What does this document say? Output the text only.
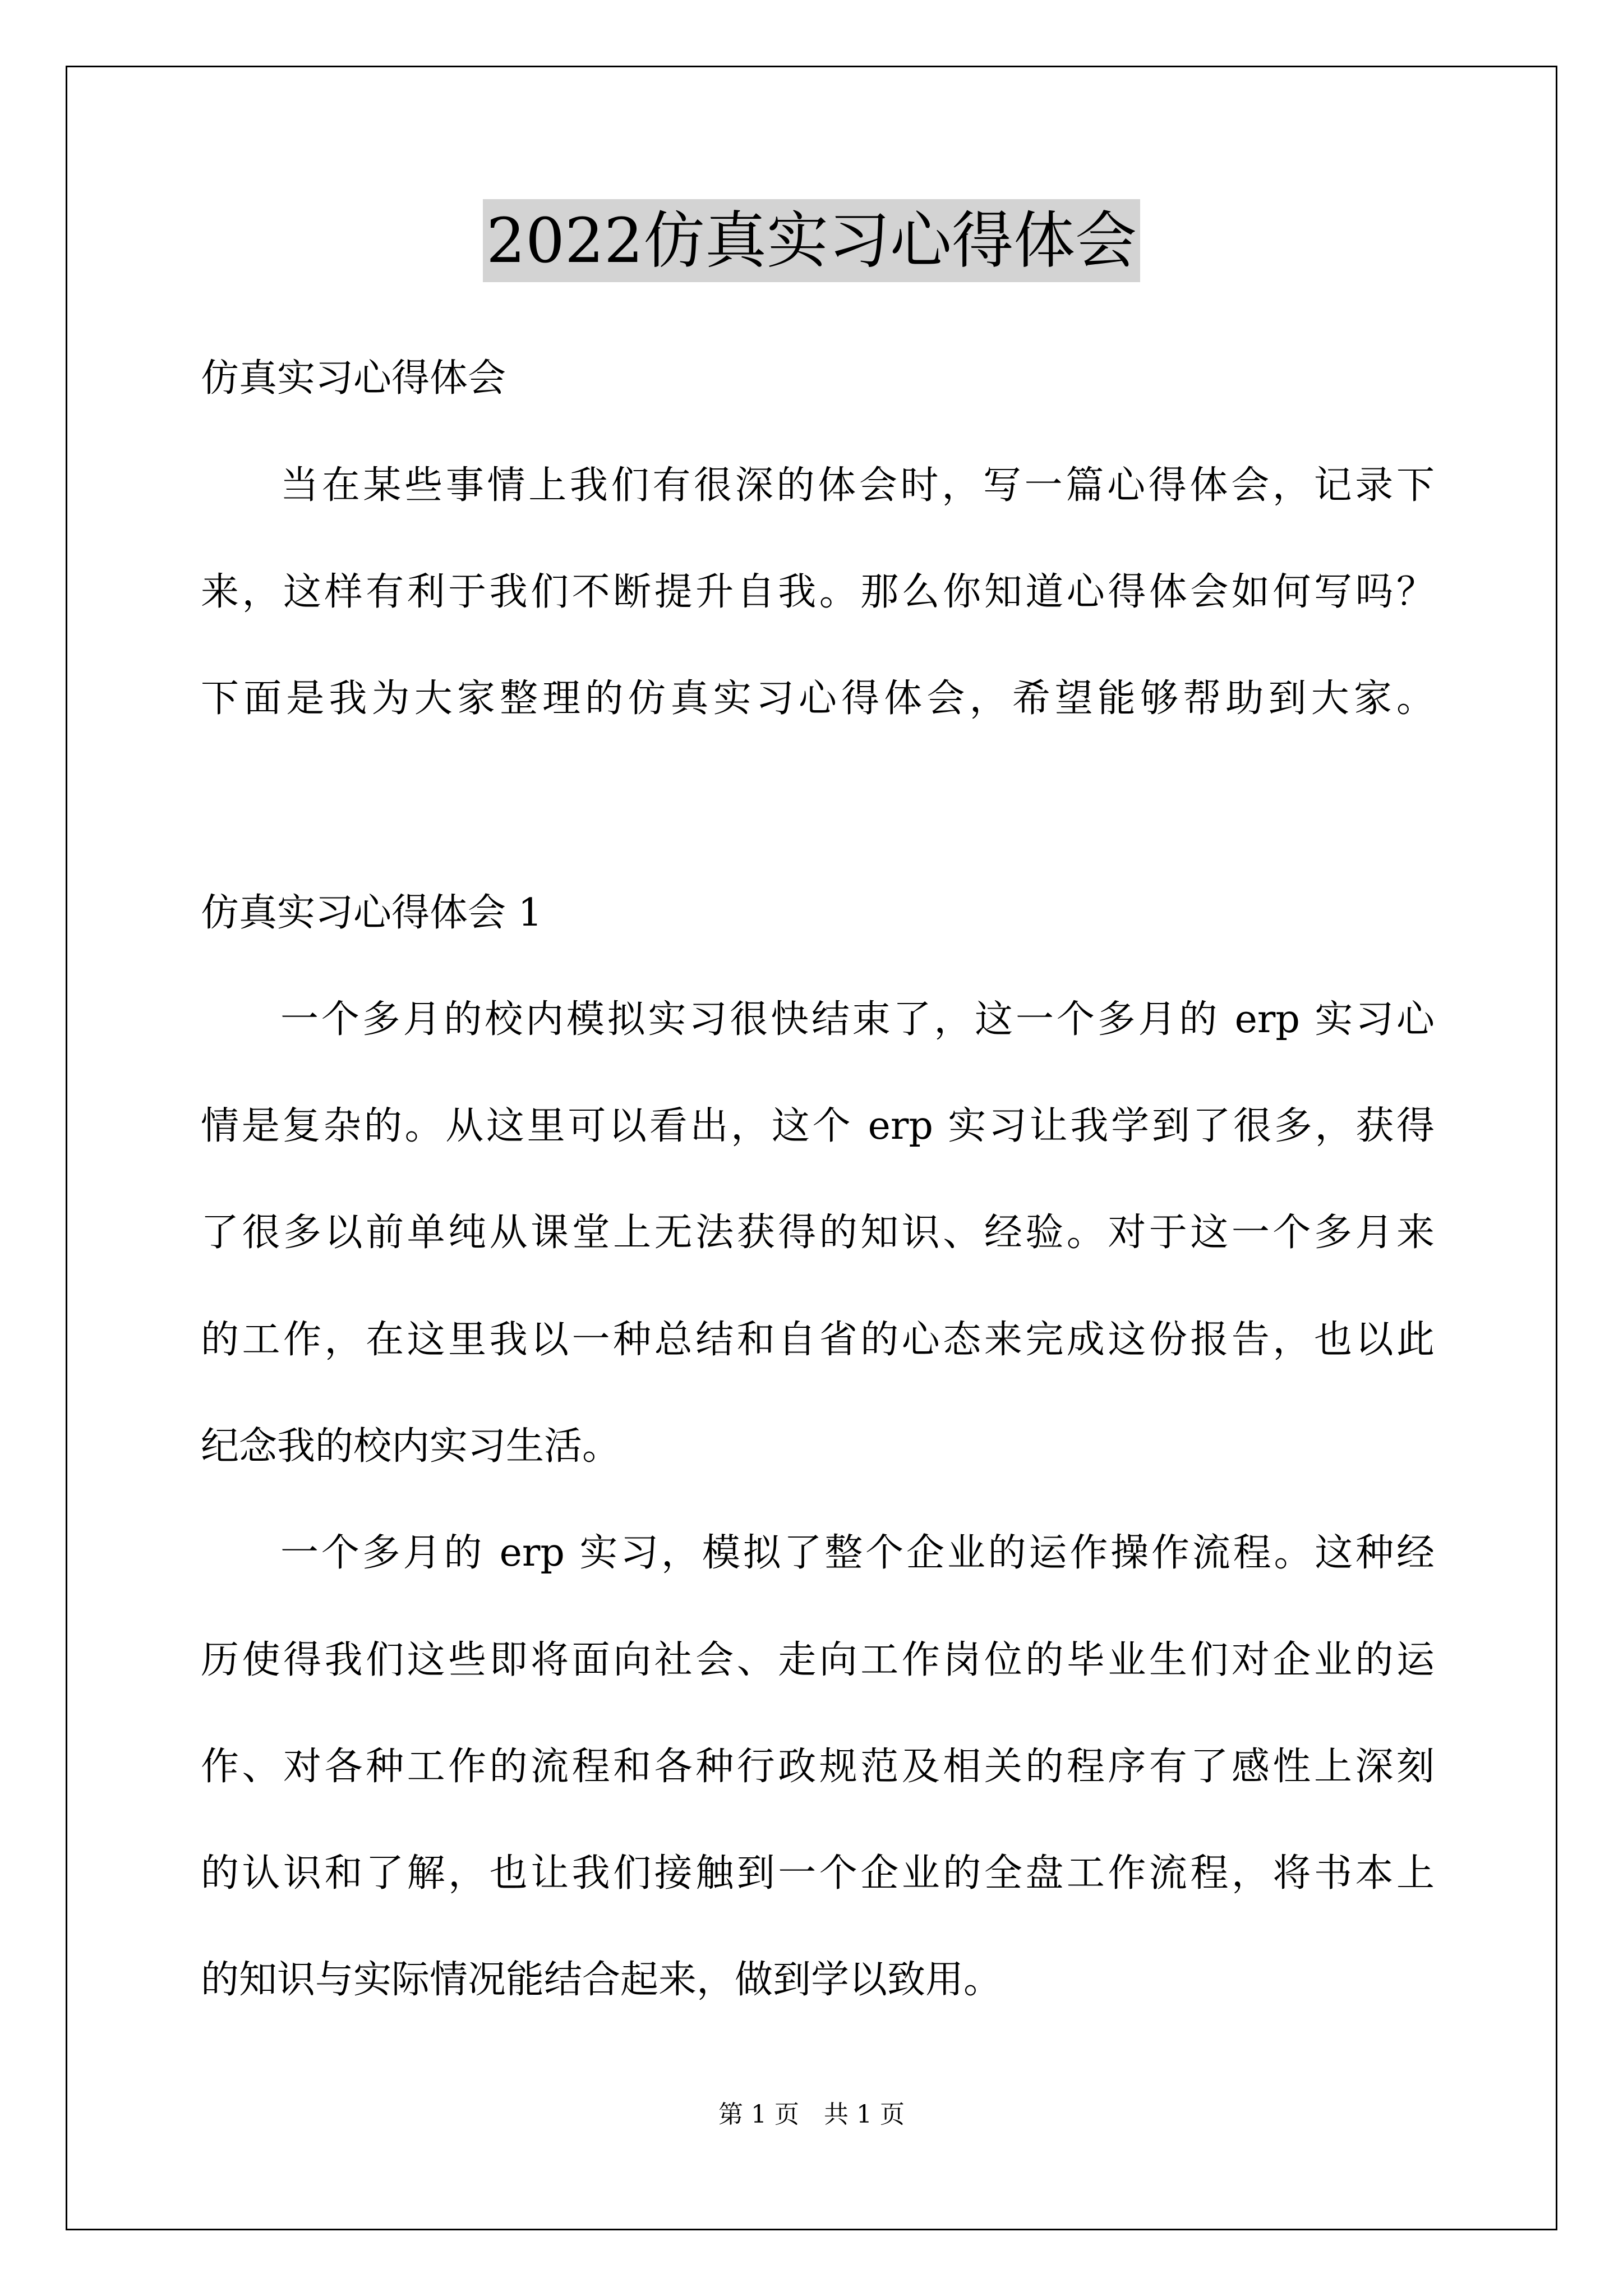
2022仿真实习心得体会
仿真实习心得体会
当在某些事情上我们有很深的体会时，写一篇心得体会，记录下
来，这样有利于我们不断提升自我。那么你知道心得体会如何写吗？
下面是我为大家整理的仿真实习心得体会，希望能够帮助到大家。
仿真实习心得体会 1
一个多月的校内模拟实习很快结束了，这一个多月的 erp 实习心
情是复杂的。从这里可以看出，这个 erp 实习让我学到了很多，获得
了很多以前单纯从课堂上无法获得的知识、经验。对于这一个多月来
的工作，在这里我以一种总结和自省的心态来完成这份报告，也以此
纪念我的校内实习生活。
一个多月的 erp 实习，模拟了整个企业的运作操作流程。这种经
历使得我们这些即将面向社会、走向工作岗位的毕业生们对企业的运
作、对各种工作的流程和各种行政规范及相关的程序有了感性上深刻
的认识和了解，也让我们接触到一个企业的全盘工作流程，将书本上
的知识与实际情况能结合起来，做到学以致用。
第 1 页　共 1 页
